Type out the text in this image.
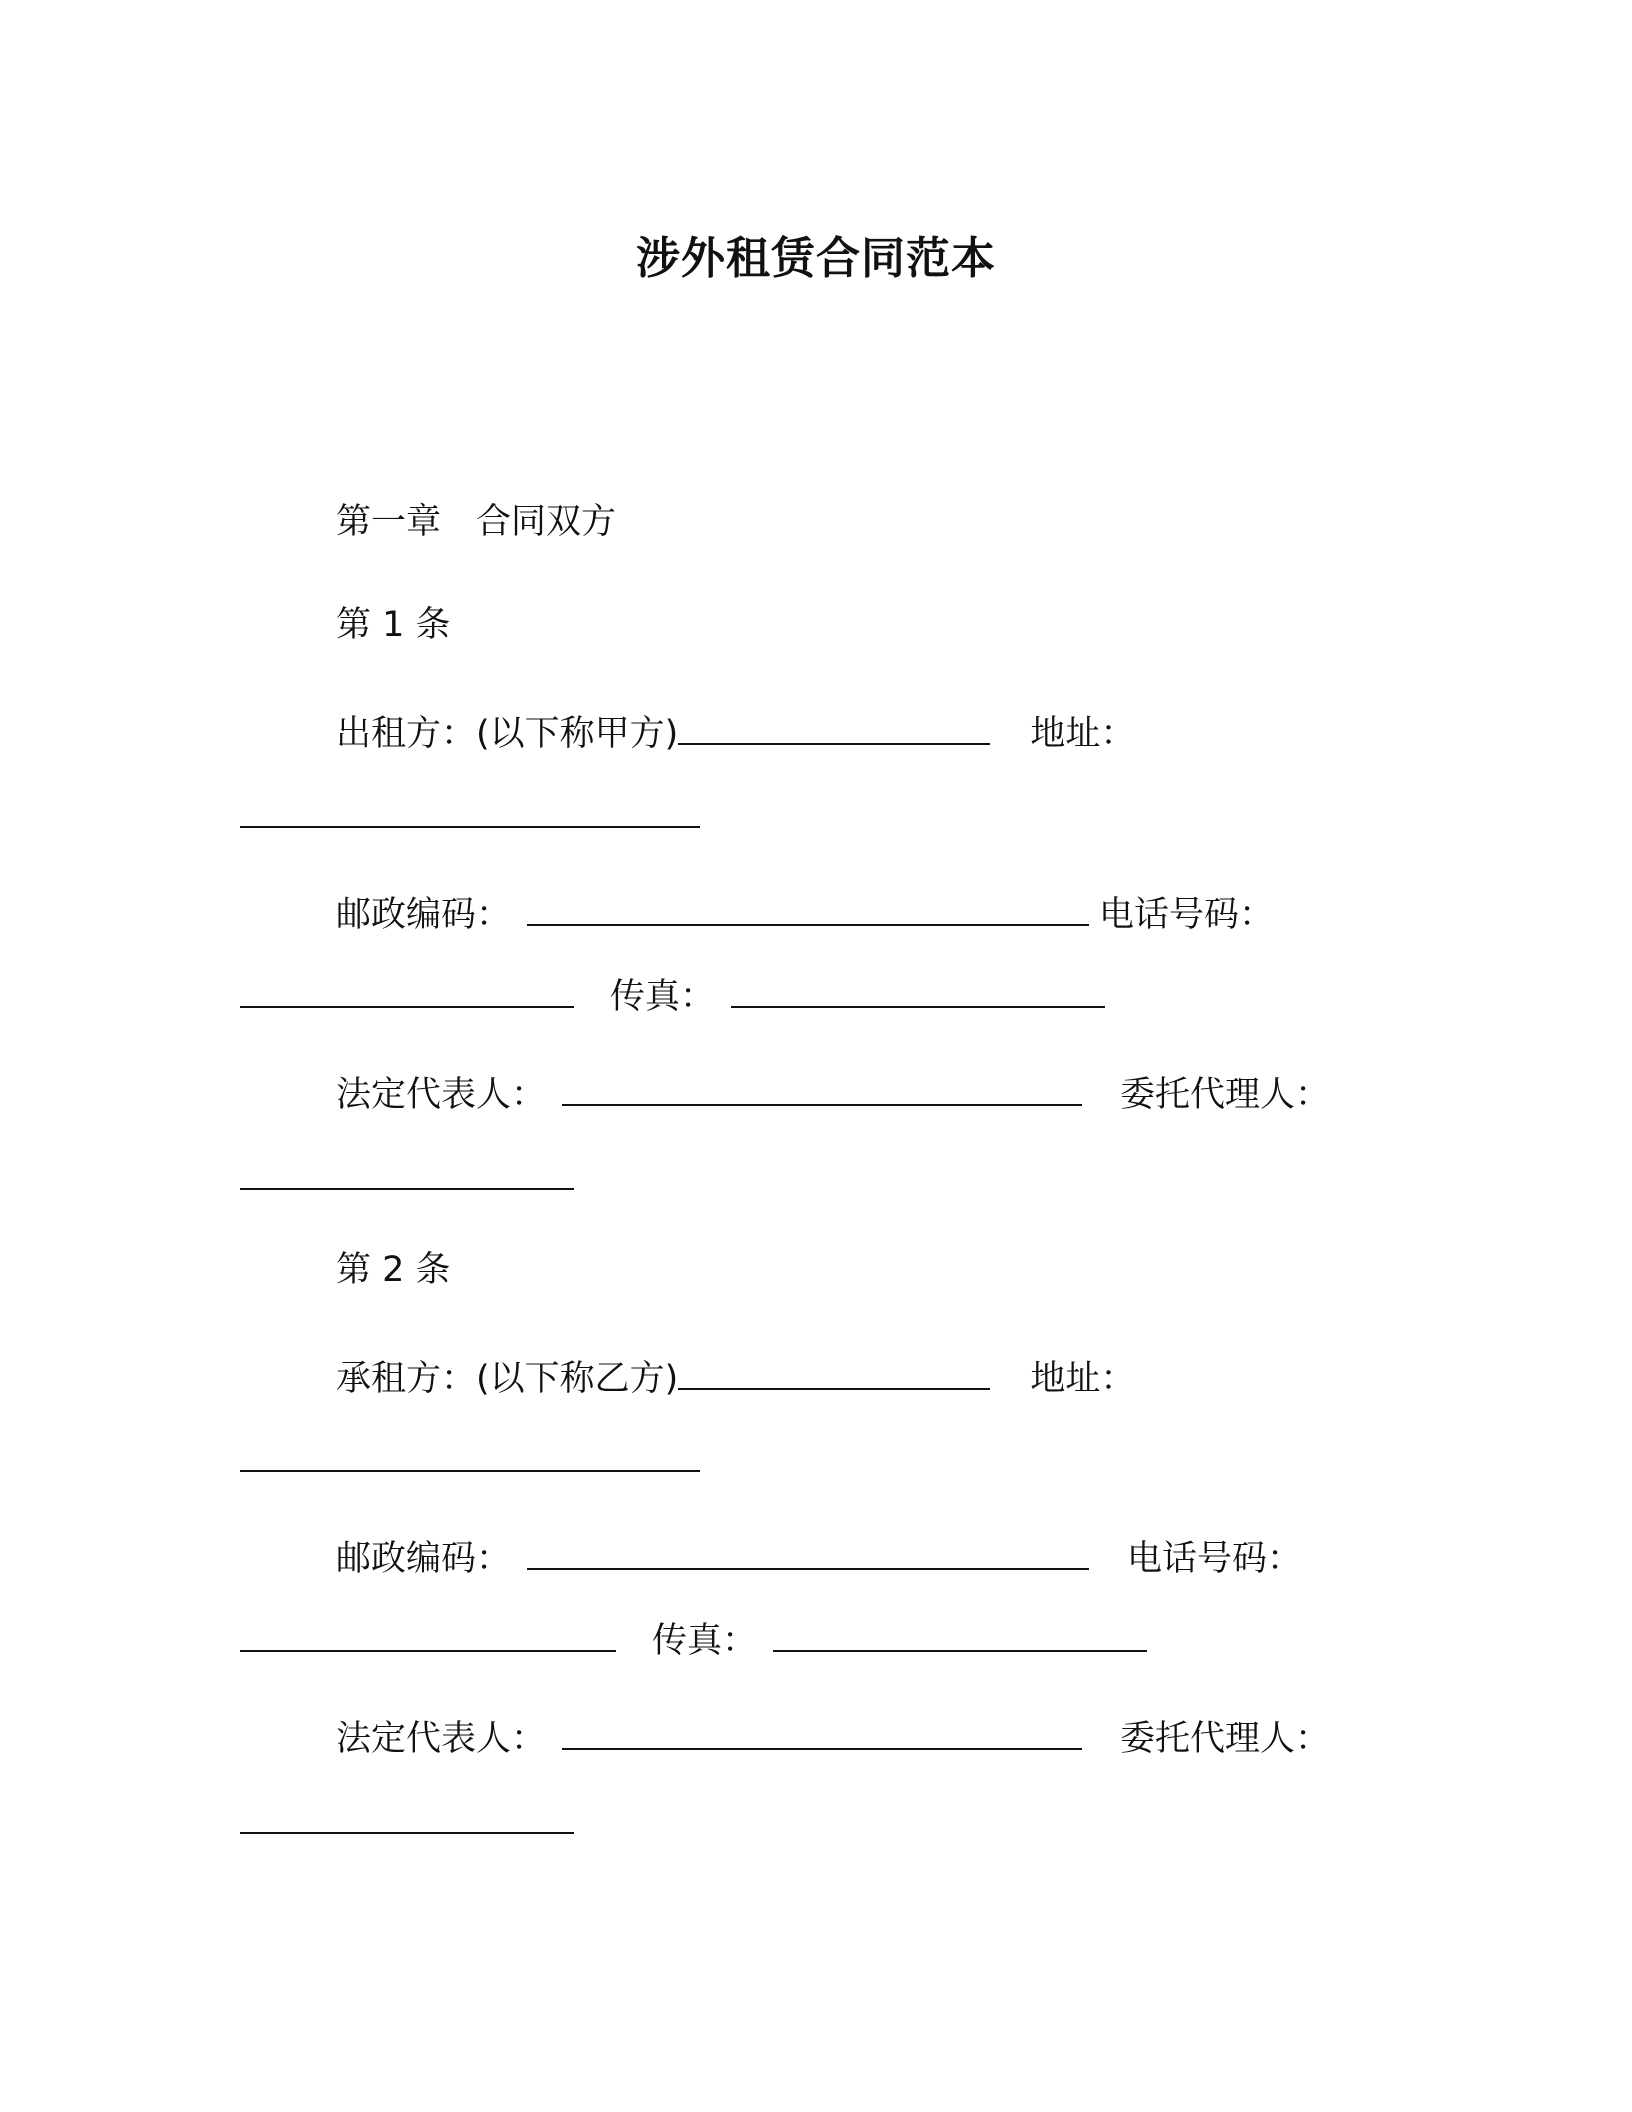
涉外租赁合同范本

第一章　合同双方

第 1 条

出租方：(以下称甲方)	地址：

邮政编码：	电话号码：

传真：

法定代表人：	委托代理人：

第 2 条

承租方：(以下称乙方)	地址：

邮政编码：	电话号码：

传真：

法定代表人：	委托代理人：
